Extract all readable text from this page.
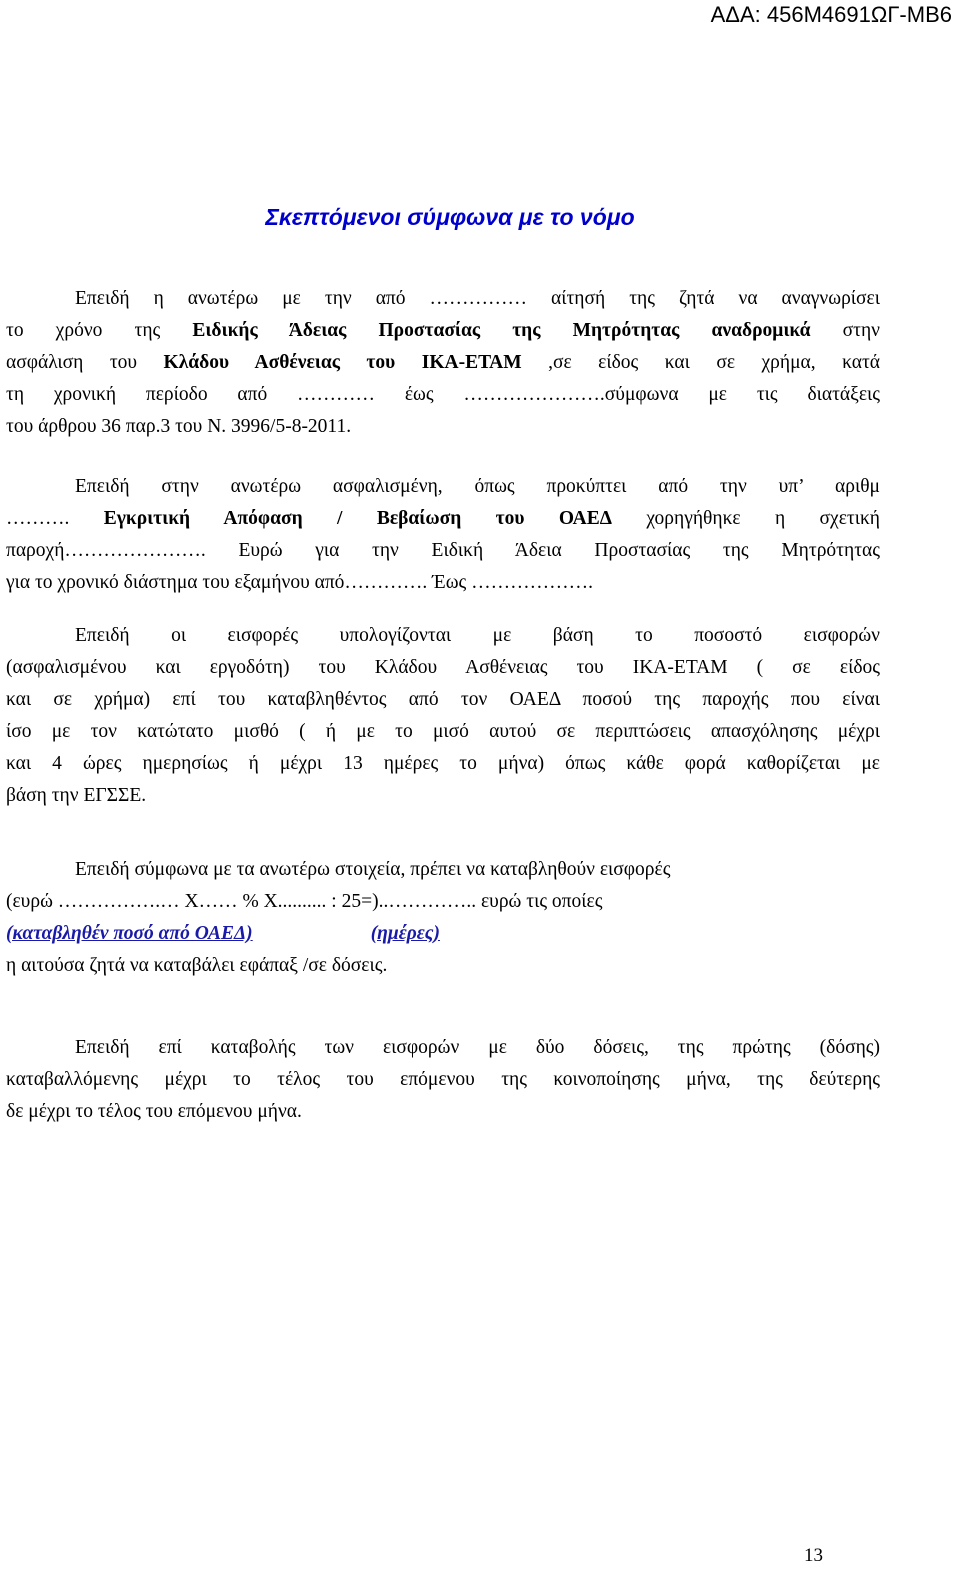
ΑΔΑ: 456Μ4691ΩΓ-ΜΒ6
Σκεπτόμενοι σύμφωνα με το νόμο
Επειδή η ανωτέρω με την από …………… αίτησή της ζητά να αναγνωρίσει
το χρόνο της Ειδικής Άδειας Προστασίας της Μητρότητας αναδρομικά στην
ασφάλιση του Κλάδου Ασθένειας του ΙΚΑ-ΕΤΑΜ ,σε είδος και σε χρήμα, κατά
τη χρονική περίοδο από ………… έως ………………….σύμφωνα με τις διατάξεις
του άρθρου 36 παρ.3 του Ν. 3996/5-8-2011.
Επειδή στην ανωτέρω ασφαλισμένη, όπως προκύπτει από την υπ’ αριθμ
………. Εγκριτική Απόφαση / Βεβαίωση του ΟΑΕΔ χορηγήθηκε η σχετική
παροχή…………………. Ευρώ για την Ειδική Άδεια Προστασίας της Μητρότητας
για το χρονικό διάστημα του εξαμήνου από…………. Έως ……………….
Επειδή οι εισφορές υπολογίζονται με βάση το ποσοστό εισφορών
(ασφαλισμένου και εργοδότη) του Κλάδου Ασθένειας του ΙΚΑ-ΕΤΑΜ ( σε είδος
και σε χρήμα) επί του καταβληθέντος από τον ΟΑΕΔ ποσού της παροχής που είναι
ίσο με τον κατώτατο μισθό ( ή με το μισό αυτού σε περιπτώσεις απασχόλησης μέχρι
και 4 ώρες ημερησίως ή μέχρι 13 ημέρες το μήνα) όπως κάθε φορά καθορίζεται με
βάση την ΕΓΣΣΕ.
Επειδή σύμφωνα με τα ανωτέρω στοιχεία, πρέπει να καταβληθούν εισφορές
(ευρώ …………….… Χ…… % Χ.......... : 25=)..………….. ευρώ τις οποίες
(καταβληθέν ποσό από ΟΑΕΔ)	(ημέρες)
η αιτούσα ζητά να καταβάλει εφάπαξ /σε δόσεις.
Επειδή επί καταβολής των εισφορών με δύο δόσεις, της πρώτης (δόσης)
καταβαλλόμενης μέχρι το τέλος του επόμενου της κοινοποίησης μήνα, της δεύτερης
δε μέχρι το τέλος του επόμενου μήνα.
13
